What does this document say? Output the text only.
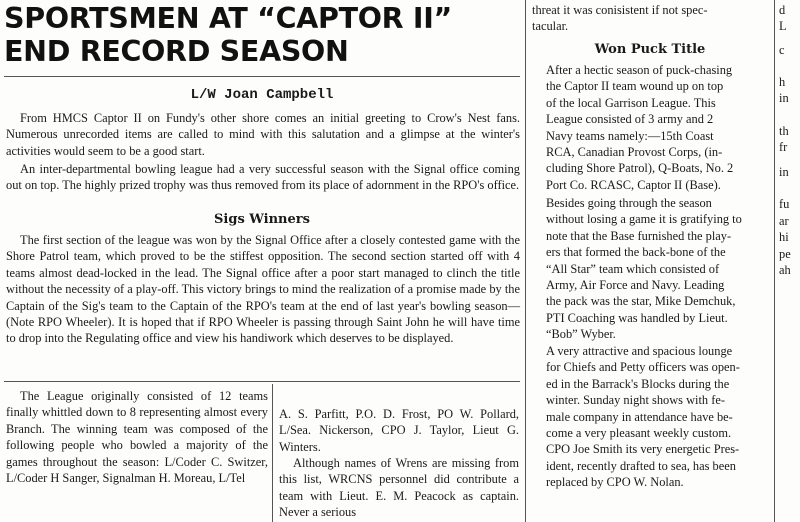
SPORTSMEN AT “CAPTOR II”
END RECORD SEASON
L/W Joan Campbell

From HMCS Captor II on Fundy's other shore comes an initial greeting to Crow's Nest fans. Numerous unrecorded items are called to mind with this salutation and a glimpse at the winter's activities would seem to be a good start.

An inter-departmental bowling league had a very successful season with the Signal office coming out on top. The highly prized trophy was thus removed from its place of adornment in the RPO's office.

Sigs Winners

The first section of the league was won by the Signal Office after a closely contested game with the Shore Patrol team, which proved to be the stiffest opposition. The second section started off with 4 teams almost dead-locked in the lead. The Signal office after a poor start managed to clinch the title without the necessity of a play-off. This victory brings to mind the realization of a promise made by the Captain of the Sig's team to the Captain of the RPO's team at the end of last year's bowling season—(Note RPO Wheeler). It is hoped that if RPO Wheeler is passing through Saint John he will have time to drop into the Regulating office and view his handiwork which deserves to be displayed.

The League originally consisted of 12 teams finally whittled down to 8 representing almost every Branch. The winning team was composed of the following people who bowled a majority of the games throughout the season: L/Coder C. Switzer, L/Coder H Sanger, Signalman H. Moreau, L/Tel

A. S. Parfitt, P.O. D. Frost, PO W. Pollard, L/Sea. Nickerson, CPO J. Taylor, Lieut G. Winters.

Although names of Wrens are missing from this list, WRCNS personnel did contribute a team with Lieut. E. M. Peacock as captain. Never a serious

threat it was conisistent if not spec-
tacular.

Won Puck Title

After a hectic season of puck-chasing
the Captor II team wound up on top
of the local Garrison League. This
League consisted of 3 army and 2
Navy teams namely:—15th Coast
RCA, Canadian Provost Corps, (in-
cluding Shore Patrol), Q-Boats, No. 2
Port Co. RCASC, Captor II (Base).

Besides going through the season
without losing a game it is gratifying to
note that the Base furnished the play-
ers that formed the back-bone of the
“All Star” team which consisted of
Army, Air Force and Navy. Leading
the pack was the star, Mike Demchuk,
PTI Coaching was handled by Lieut.
“Bob” Wyber.

A very attractive and spacious lounge
for Chiefs and Petty officers was open-
ed in the Barrack's Blocks during the
winter. Sunday night shows with fe-
male company in attendance have be-
come a very pleasant weekly custom.
CPO Joe Smith its very energetic Pres-
ident, recently drafted to sea, has been
replaced by CPO W. Nolan.

d
L
c
h
in
th
fr
in
fu
ar
hi
pe
ah
